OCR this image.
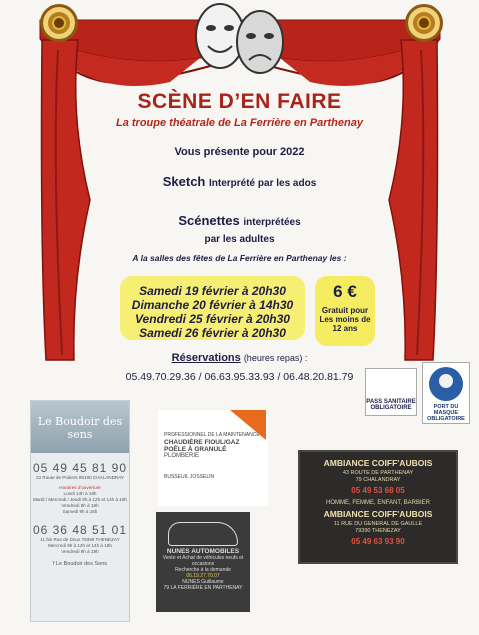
SCÈNE D’EN FAIRE
La troupe théatrale de La Ferrière en Parthenay
Vous présente pour 2022
Sketch Interprété par les ados
Scénettes interprétées
par les adultes
A la salles des fêtes de La Ferrière en Parthenay les :
Samedi 19 février à 20h30
Dimanche 20 février à 14h30
Vendredi 25 février à 20h30
Samedi 26 février à 20h30
6 €
Gratuit pour
Les moins de
12 ans
Réservations (heures repas) :
05.49.70.29.36 / 06.63.95.33.93 / 06.48.20.81.79
PASS SANITAIRE OBLIGATOIRE	PORT DU MASQUE OBLIGATOIRE
Le Boudoir des sens
05 49 45 81 90
23 Route de Poitiers 86190 CHALANDRAY
Horaires d'ouverture
Lundi 14h à 19h
Mardi / Mercredi / Jeudi 9h à 12h et 14h à 19h
Vendredi 9h à 19h
Samedi 9h à 16h
06 36 48 51 01
11 bis Rue de Doux 79390 THENEZAY
Mercredi 9h à 12h et 14h à 19h
Vendredi 9h à 19h
f Le Boudoir des Sens
PROFESSIONNEL DE LA MAINTENANCE
CHAUDIÈRE FIOUL/GAZ
POÊLE À GRANULÉ
PLOMBERIE
BUSSEUIL JOSSELIN
AMBIANCE COIFF'AUBOIS
43 ROUTE DE PARTHENAY
79 CHALANDRAY
05 49 53 68 05
HOMME, FEMME, ENFANT, BARBIER
AMBIANCE COIFF'AUBOIS
11 RUE DU GENERAL DE GAULLE
79390 THENEZAY
05 49 63 93 90
NUNES AUTOMOBILES
Vente et Achat de véhicules neufs et occasions
Recherche à la demande
06.19.27.70.07
NUNES Guillaume
79 LA FERRIÈRE EN PARTHENAY
